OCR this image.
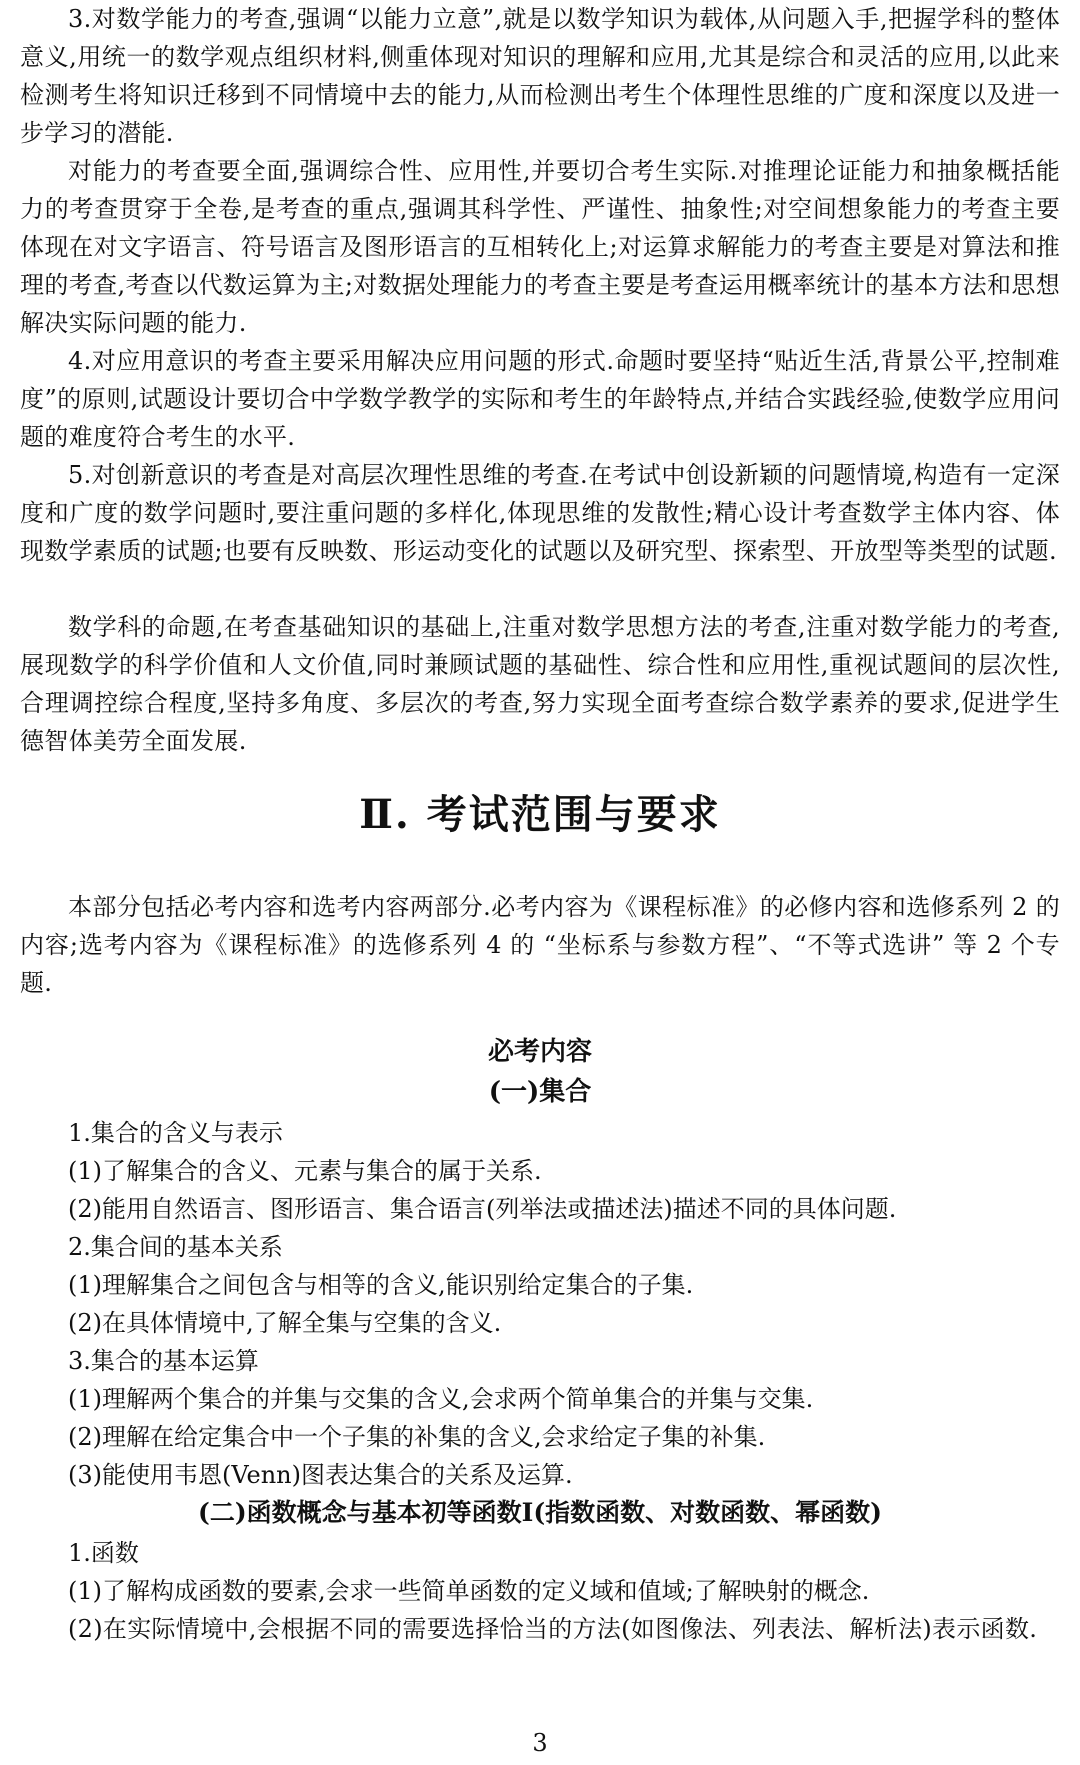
3.对数学能力的考查,强调“以能力立意”,就是以数学知识为载体,从问题入手,把握学科的整体意义,用统一的数学观点组织材料,侧重体现对知识的理解和应用,尤其是综合和灵活的应用,以此来检测考生将知识迁移到不同情境中去的能力,从而检测出考生个体理性思维的广度和深度以及进一步学习的潜能.

对能力的考查要全面,强调综合性、应用性,并要切合考生实际.对推理论证能力和抽象概括能力的考查贯穿于全卷,是考查的重点,强调其科学性、严谨性、抽象性;对空间想象能力的考查主要体现在对文字语言、符号语言及图形语言的互相转化上;对运算求解能力的考查主要是对算法和推理的考查,考查以代数运算为主;对数据处理能力的考查主要是考查运用概率统计的基本方法和思想解决实际问题的能力.

4.对应用意识的考查主要采用解决应用问题的形式.命题时要坚持“贴近生活,背景公平,控制难度”的原则,试题设计要切合中学数学教学的实际和考生的年龄特点,并结合实践经验,使数学应用问题的难度符合考生的水平.

5.对创新意识的考查是对高层次理性思维的考查.在考试中创设新颖的问题情境,构造有一定深度和广度的数学问题时,要注重问题的多样化,体现思维的发散性;精心设计考查数学主体内容、体现数学素质的试题;也要有反映数、形运动变化的试题以及研究型、探索型、开放型等类型的试题.

数学科的命题,在考查基础知识的基础上,注重对数学思想方法的考查,注重对数学能力的考查,展现数学的科学价值和人文价值,同时兼顾试题的基础性、综合性和应用性,重视试题间的层次性,合理调控综合程度,坚持多角度、多层次的考查,努力实现全面考查综合数学素养的要求,促进学生德智体美劳全面发展.

Ⅱ. 考试范围与要求

本部分包括必考内容和选考内容两部分.必考内容为《课程标准》的必修内容和选修系列 2 的内容;选考内容为《课程标准》的选修系列 4 的 “坐标系与参数方程”、“不等式选讲” 等 2 个专题.

必考内容
(一)集合

1.集合的含义与表示

(1)了解集合的含义、元素与集合的属于关系.

(2)能用自然语言、图形语言、集合语言(列举法或描述法)描述不同的具体问题.

2.集合间的基本关系

(1)理解集合之间包含与相等的含义,能识别给定集合的子集.

(2)在具体情境中,了解全集与空集的含义.

3.集合的基本运算

(1)理解两个集合的并集与交集的含义,会求两个简单集合的并集与交集.

(2)理解在给定集合中一个子集的补集的含义,会求给定子集的补集.

(3)能使用韦恩(Venn)图表达集合的关系及运算.

(二)函数概念与基本初等函数Ⅰ(指数函数、对数函数、幂函数)

1.函数

(1)了解构成函数的要素,会求一些简单函数的定义域和值域;了解映射的概念.

(2)在实际情境中,会根据不同的需要选择恰当的方法(如图像法、列表法、解析法)表示函数.

3
